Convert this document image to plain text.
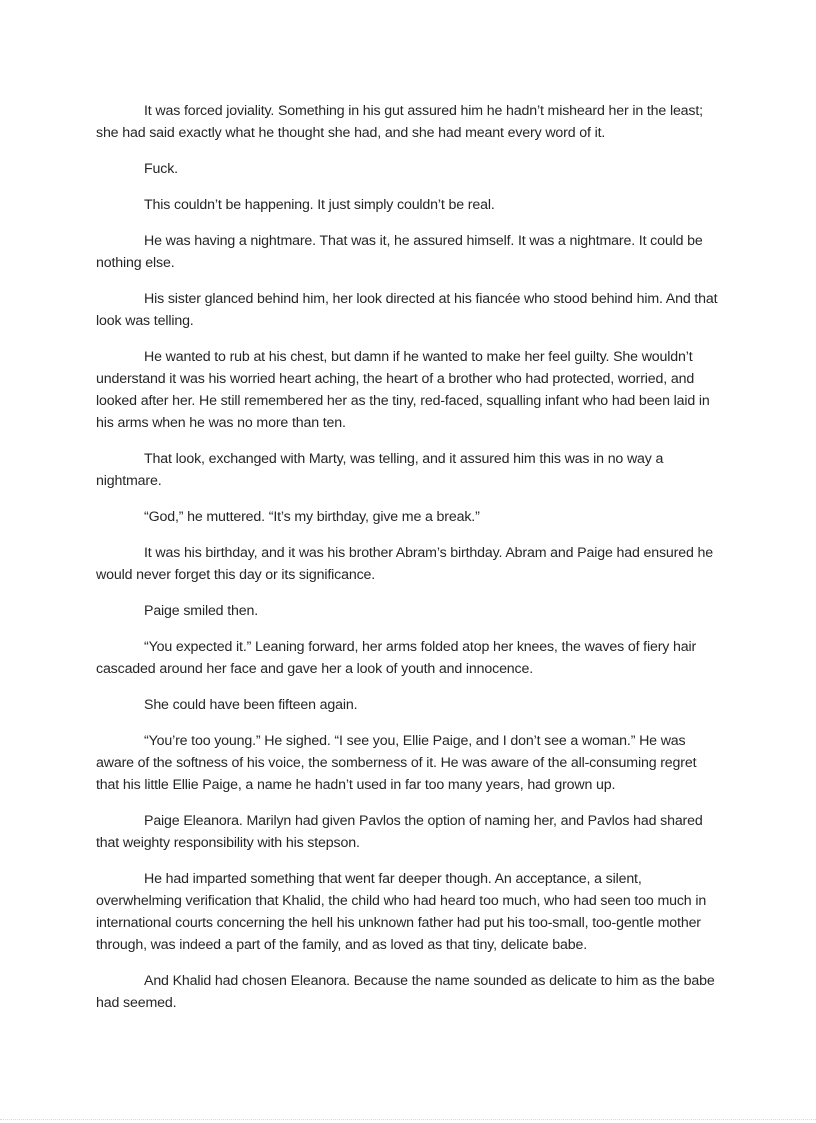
It was forced joviality. Something in his gut assured him he hadn’t misheard her in the least; she had said exactly what he thought she had, and she had meant every word of it.

Fuck.

This couldn’t be happening. It just simply couldn’t be real.

He was having a nightmare. That was it, he assured himself. It was a nightmare. It could be nothing else.

His sister glanced behind him, her look directed at his fiancée who stood behind him. And that look was telling.

He wanted to rub at his chest, but damn if he wanted to make her feel guilty. She wouldn’t understand it was his worried heart aching, the heart of a brother who had protected, worried, and looked after her. He still remembered her as the tiny, red-faced, squalling infant who had been laid in his arms when he was no more than ten.

That look, exchanged with Marty, was telling, and it assured him this was in no way a nightmare.

“God,” he muttered. “It’s my birthday, give me a break.”

It was his birthday, and it was his brother Abram’s birthday. Abram and Paige had ensured he would never forget this day or its significance.

Paige smiled then.

“You expected it.” Leaning forward, her arms folded atop her knees, the waves of fiery hair cascaded around her face and gave her a look of youth and innocence.

She could have been fifteen again.

“You’re too young.” He sighed. “I see you, Ellie Paige, and I don’t see a woman.” He was aware of the softness of his voice, the somberness of it. He was aware of the all-consuming regret that his little Ellie Paige, a name he hadn’t used in far too many years, had grown up.

Paige Eleanora. Marilyn had given Pavlos the option of naming her, and Pavlos had shared that weighty responsibility with his stepson.

He had imparted something that went far deeper though. An acceptance, a silent, overwhelming verification that Khalid, the child who had heard too much, who had seen too much in international courts concerning the hell his unknown father had put his too-small, too-gentle mother through, was indeed a part of the family, and as loved as that tiny, delicate babe.

And Khalid had chosen Eleanora. Because the name sounded as delicate to him as the babe had seemed.
